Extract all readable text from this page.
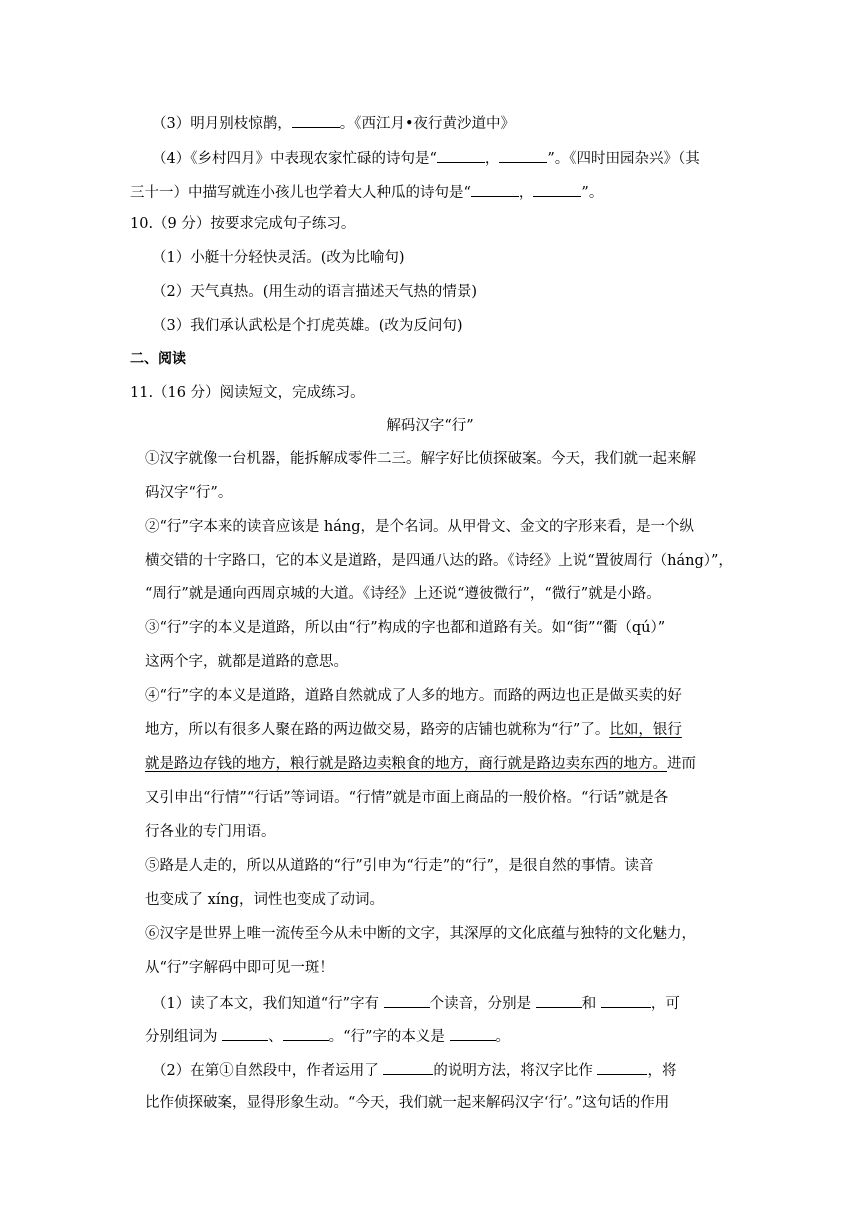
（3）明月别枝惊鹊，	。《西江月•夜行黄沙道中》
（4）《乡村四月》中表现农家忙碌的诗句是“	，	”。《四时田园杂兴》（其
三十一）中描写就连小孩儿也学着大人种瓜的诗句是“	，	”。
10.（9 分）按要求完成句子练习。
（1）小艇十分轻快灵活。(改为比喻句)
（2）天气真热。(用生动的语言描述天气热的情景)
（3）我们承认武松是个打虎英雄。(改为反问句)
二、阅读
11.（16 分）阅读短文，完成练习。
解码汉字“行”
①汉字就像一台机器，能拆解成零件二三。解字好比侦探破案。今天，我们就一起来解
码汉字“行”。
②“行”字本来的读音应该是 háng，是个名词。从甲骨文、金文的字形来看，是一个纵
横交错的十字路口，它的本义是道路，是四通八达的路。《诗经》上说“置彼周行（háng）”，
“周行”就是通向西周京城的大道。《诗经》上还说“遵彼微行”，“微行”就是小路。
③“行”字的本义是道路，所以由“行”构成的字也都和道路有关。如“街”“衢（qú）”
这两个字，就都是道路的意思。
④“行”字的本义是道路，道路自然就成了人多的地方。而路的两边也正是做买卖的好
地方，所以有很多人聚在路的两边做交易，路旁的店铺也就称为“行”了。比如，银行
就是路边存钱的地方，粮行就是路边卖粮食的地方，商行就是路边卖东西的地方。进而
又引申出“行情”“行话”等词语。“行情”就是市面上商品的一般价格。“行话”就是各
行各业的专门用语。
⑤路是人走的，所以从道路的“行”引申为“行走”的“行”，是很自然的事情。读音
也变成了 xíng，词性也变成了动词。
⑥汉字是世界上唯一流传至今从未中断的文字，其深厚的文化底蕴与独特的文化魅力，
从“行”字解码中即可见一斑！
（1）读了本文，我们知道“行”字有	个读音，分别是	和	，可
分别组词为	、	。“行”字的本义是	。
（2）在第①自然段中，作者运用了	的说明方法，将汉字比作	，将
比作侦探破案，显得形象生动。“今天，我们就一起来解码汉字‘行’。”这句话的作用
